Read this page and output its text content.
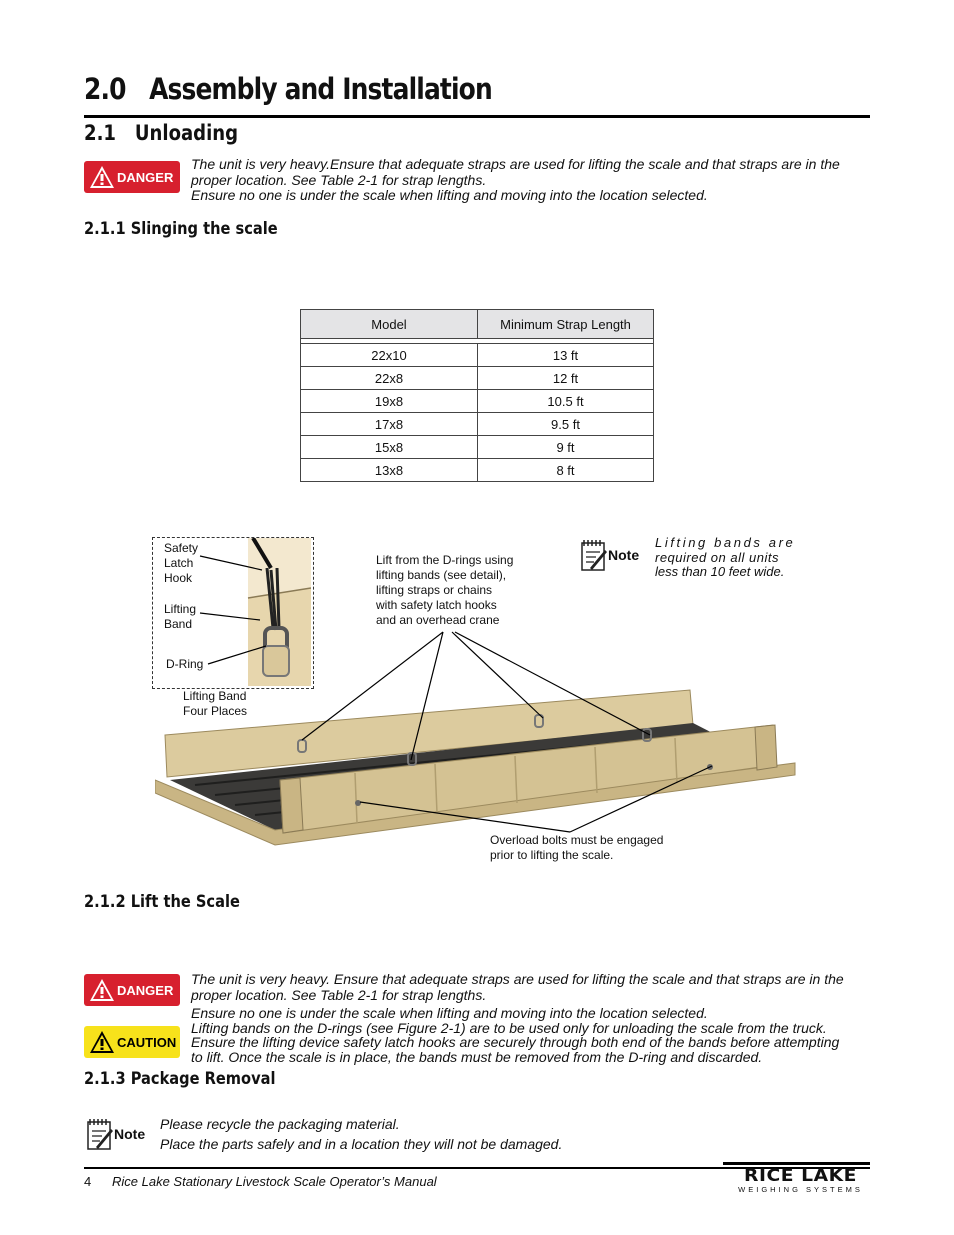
2.0   Assembly and Installation
2.1   Unloading
DANGER
The unit is very heavy.Ensure that adequate straps are used for lifting the scale and that straps are in the
proper location. See Table 2-1 for strap lengths.
Ensure no one is under the scale when lifting and moving into the location selected.
2.1.1 Slinging the scale
Model	Minimum Strap Length

22x10	13 ft
22x8	12 ft
19x8	10.5 ft
17x8	9.5 ft
15x8	9 ft
13x8	8 ft
Safety
Latch
Hook
Lifting
Band
D-Ring
Lifting Band
Four Places
Lift from the D-rings using
lifting bands (see detail),
lifting straps or chains
with safety latch hooks
and an overhead crane
Note
Lifting bands are
required on all units
less than 10 feet wide.
Overload bolts must be engaged
prior to lifting the scale.
2.1.2 Lift the Scale
DANGER
The unit is very heavy. Ensure that adequate straps are used for lifting the scale and that straps are in the
proper location. See Table 2-1 for strap lengths.
Ensure no one is under the scale when lifting and moving into the location selected.
CAUTION
Lifting bands on the D-rings (see Figure 2-1) are to be used only for unloading the scale from the truck.
Ensure the lifting device safety latch hooks are securely through both end of the bands before attempting
to lift. Once the scale is in place, the bands must be removed from the D-ring and discarded.
2.1.3 Package Removal
Note
Please recycle the packaging material.
Place the parts safely and in a location they will not be damaged.
4 Rice Lake Stationary Livestock Scale Operator’s Manual	RICE LAKE
WEIGHING SYSTEMS
